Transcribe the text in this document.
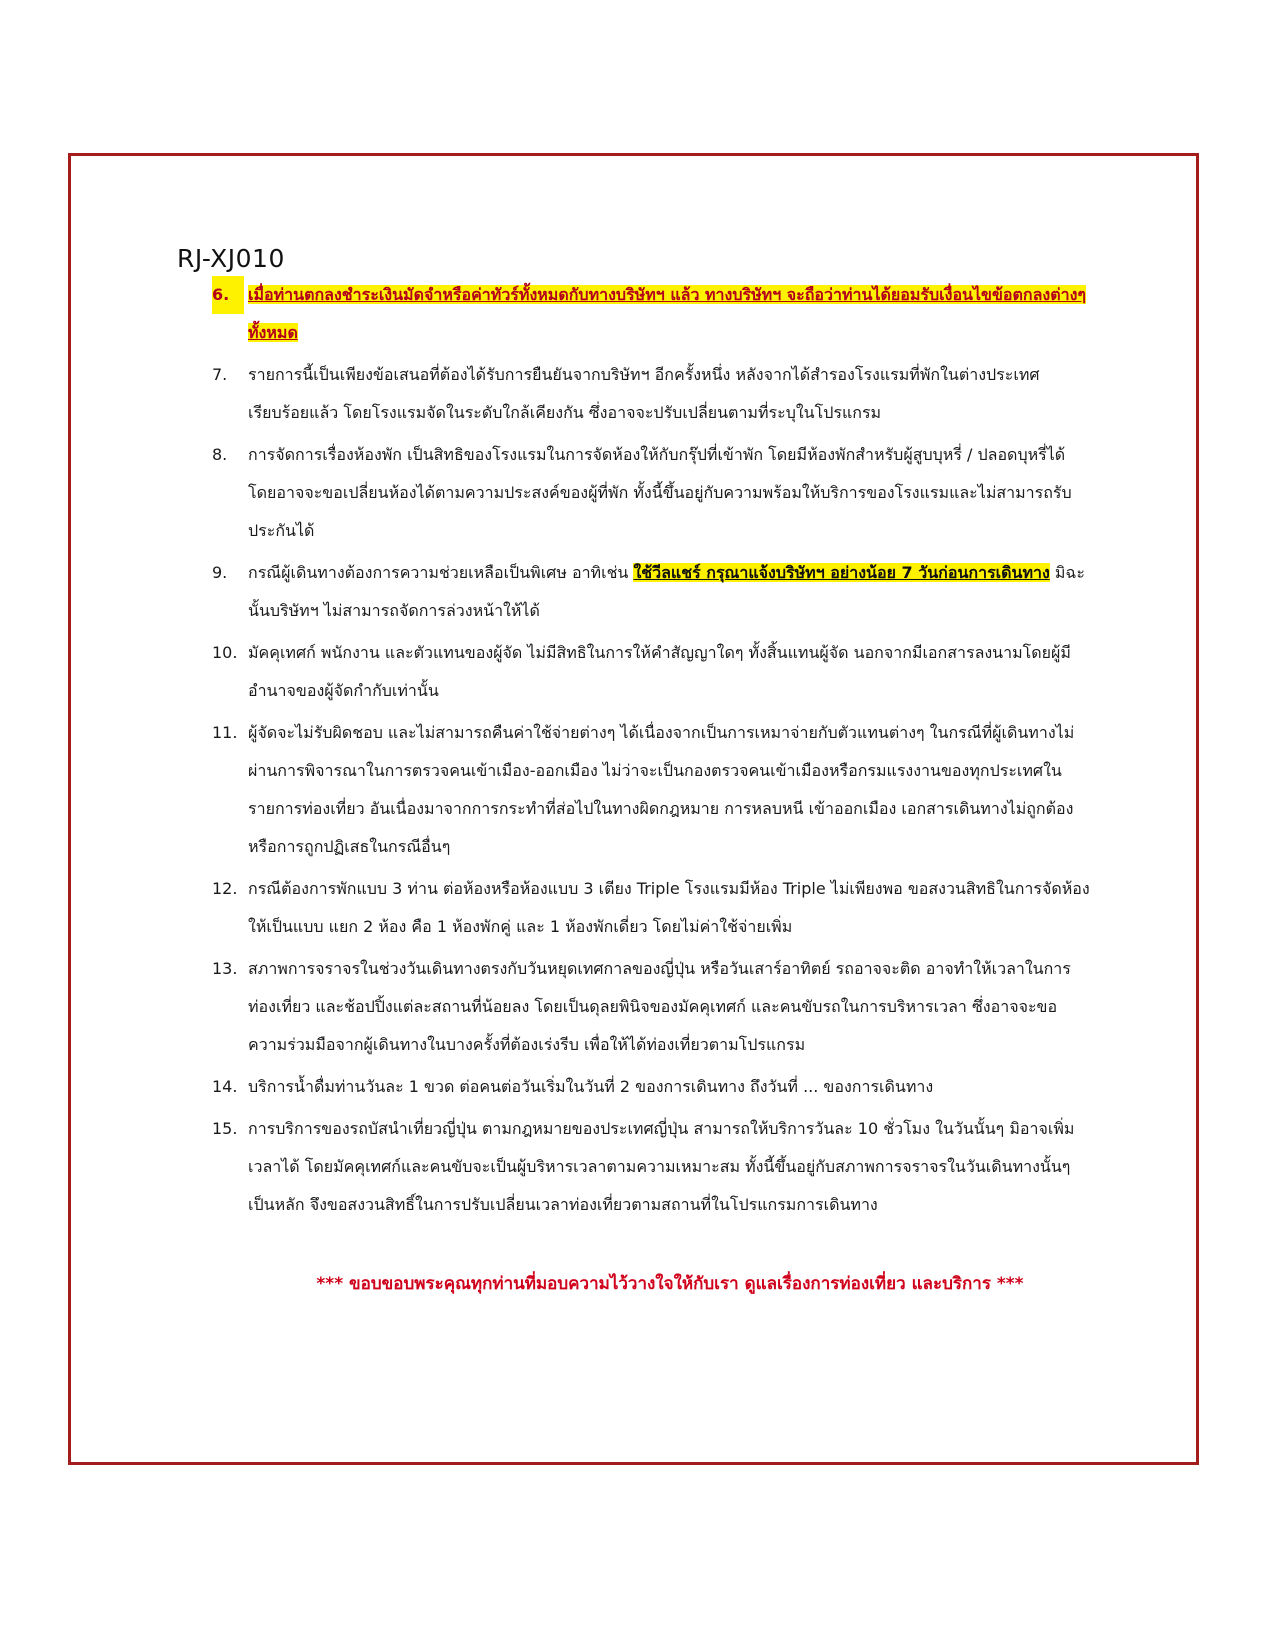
RJ-XJ010
6.	เมื่อท่านตกลงชำระเงินมัดจำหรือค่าทัวร์ทั้งหมดกับทางบริษัทฯ แล้ว ทางบริษัทฯ จะถือว่าท่านได้ยอมรับเงื่อนไขข้อตกลงต่างๆ ทั้งหมด
7.	รายการนี้เป็นเพียงข้อเสนอที่ต้องได้รับการยืนยันจากบริษัทฯ อีกครั้งหนึ่ง หลังจากได้สำรองโรงแรมที่พักในต่างประเทศเรียบร้อยแล้ว โดยโรงแรมจัดในระดับใกล้เคียงกัน ซึ่งอาจจะปรับเปลี่ยนตามที่ระบุในโปรแกรม
8.	การจัดการเรื่องห้องพัก เป็นสิทธิของโรงแรมในการจัดห้องให้กับกรุ๊ปที่เข้าพัก โดยมีห้องพักสำหรับผู้สูบบุหรี่ / ปลอดบุหรี่ได้ โดยอาจจะขอเปลี่ยนห้องได้ตามความประสงค์ของผู้ที่พัก ทั้งนี้ขึ้นอยู่กับความพร้อมให้บริการของโรงแรมและไม่สามารถรับประกันได้
9.	กรณีผู้เดินทางต้องการความช่วยเหลือเป็นพิเศษ อาทิเช่น ใช้วีลแชร์ กรุณาแจ้งบริษัทฯ อย่างน้อย 7 วันก่อนการเดินทาง มิฉะนั้นบริษัทฯ ไม่สามารถจัดการล่วงหน้าให้ได้
10. มัคคุเทศก์ พนักงาน และตัวแทนของผู้จัด ไม่มีสิทธิในการให้คำสัญญาใดๆ ทั้งสิ้นแทนผู้จัด นอกจากมีเอกสารลงนามโดยผู้มีอำนาจของผู้จัดกำกับเท่านั้น
11. ผู้จัดจะไม่รับผิดชอบ และไม่สามารถคืนค่าใช้จ่ายต่างๆ ได้เนื่องจากเป็นการเหมาจ่ายกับตัวแทนต่างๆ ในกรณีที่ผู้เดินทางไม่ผ่านการพิจารณาในการตรวจคนเข้าเมือง-ออกเมือง ไม่ว่าจะเป็นกองตรวจคนเข้าเมืองหรือกรมแรงงานของทุกประเทศในรายการท่องเที่ยว อันเนื่องมาจากการกระทำที่ส่อไปในทางผิดกฎหมาย การหลบหนี เข้าออกเมือง เอกสารเดินทางไม่ถูกต้อง หรือการถูกปฏิเสธในกรณีอื่นๆ
12. กรณีต้องการพักแบบ 3 ท่าน ต่อห้องหรือห้องแบบ 3 เตียง Triple โรงแรมมีห้อง Triple ไม่เพียงพอ ขอสงวนสิทธิในการจัดห้องให้เป็นแบบ แยก 2 ห้อง คือ 1 ห้องพักคู่ และ 1 ห้องพักเดี่ยว โดยไม่ค่าใช้จ่ายเพิ่ม
13. สภาพการจราจรในช่วงวันเดินทางตรงกับวันหยุดเทศกาลของญี่ปุ่น หรือวันเสาร์อาทิตย์ รถอาจจะติด อาจทำให้เวลาในการท่องเที่ยว และช้อปปิ้งแต่ละสถานที่น้อยลง โดยเป็นดุลยพินิจของมัคคุเทศก์ และคนขับรถในการบริหารเวลา ซึ่งอาจจะขอความร่วมมือจากผู้เดินทางในบางครั้งที่ต้องเร่งรีบ เพื่อให้ได้ท่องเที่ยวตามโปรแกรม
14. บริการน้ำดื่มท่านวันละ 1 ขวด ต่อคนต่อวันเริ่มในวันที่ 2 ของการเดินทาง ถึงวันที่ ... ของการเดินทาง
15. การบริการของรถบัสนำเที่ยวญี่ปุ่น ตามกฎหมายของประเทศญี่ปุ่น สามารถให้บริการวันละ 10 ชั่วโมง ในวันนั้นๆ มิอาจเพิ่มเวลาได้ โดยมัคคุเทศก์และคนขับจะเป็นผู้บริหารเวลาตามความเหมาะสม ทั้งนี้ขึ้นอยู่กับสภาพการจราจรในวันเดินทางนั้นๆเป็นหลัก จึงขอสงวนสิทธิ์ในการปรับเปลี่ยนเวลาท่องเที่ยวตามสถานที่ในโปรแกรมการเดินทาง
*** ขอบขอบพระคุณทุกท่านที่มอบความไว้วางใจให้กับเรา ดูแลเรื่องการท่องเที่ยว และบริการ ***
